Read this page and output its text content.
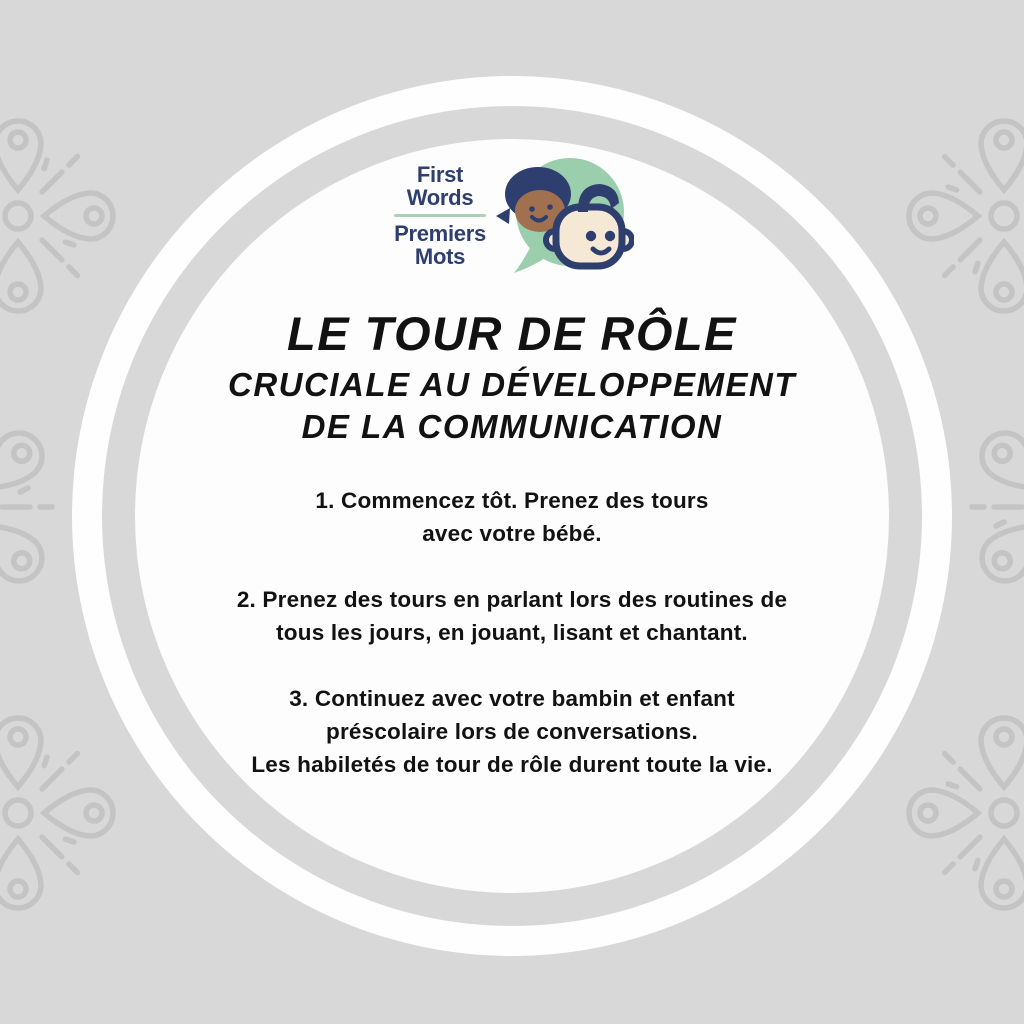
First
Words
Premiers
Mots
LE TOUR DE RÔLE
CRUCIALE AU DÉVELOPPEMENT
DE LA COMMUNICATION
1. Commencez tôt. Prenez des tours
avec votre bébé.
2. Prenez des tours en parlant lors des routines de
tous les jours, en jouant, lisant et chantant.
3. Continuez avec votre bambin et enfant
préscolaire lors de conversations.
Les habiletés de tour de rôle durent toute la vie.
